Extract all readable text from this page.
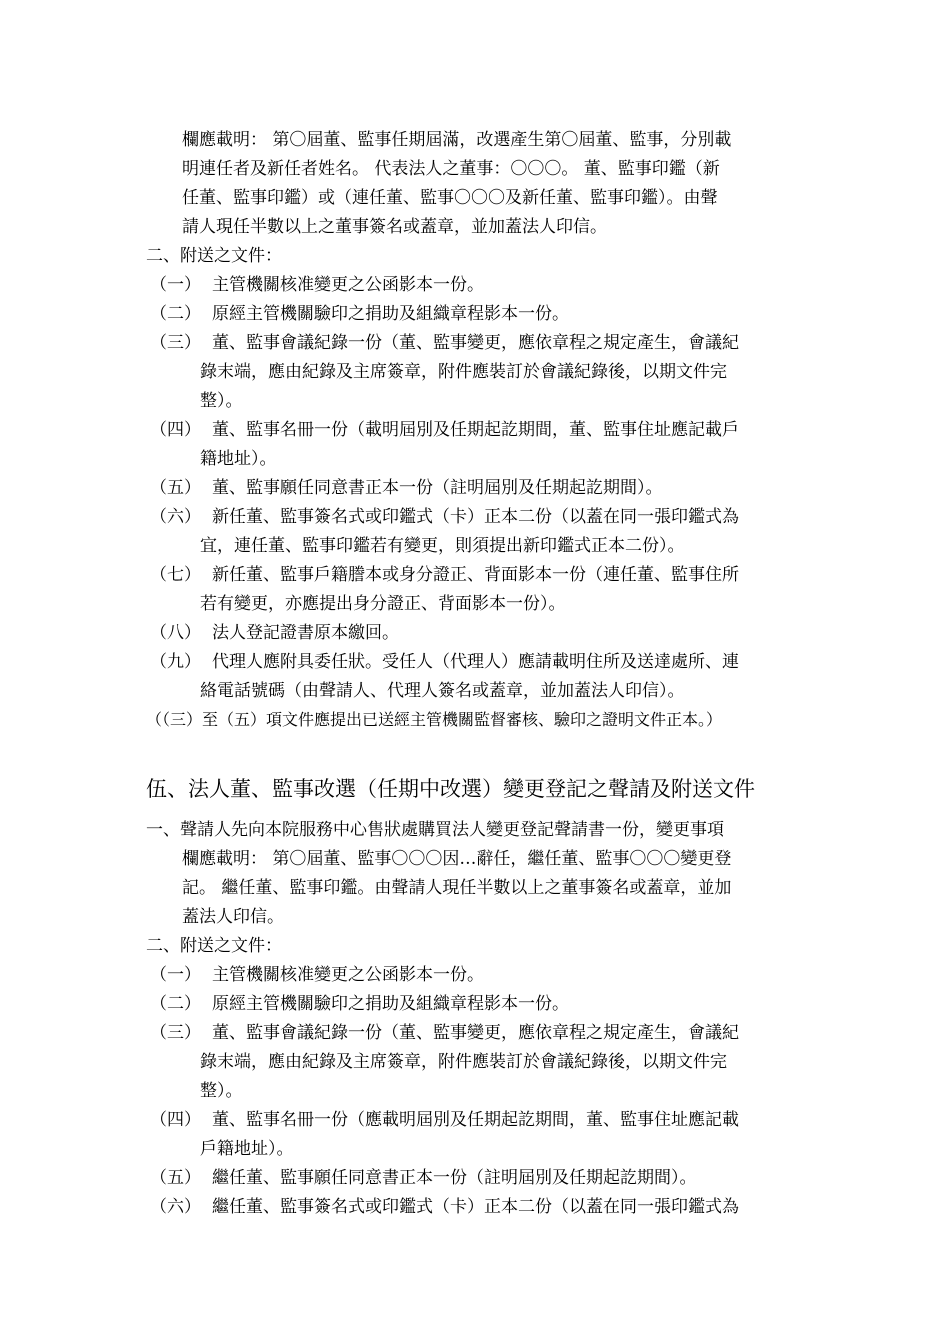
欄應載明： 第〇屆董、監事任期屆滿，改選產生第〇屆董、監事，分別載
明連任者及新任者姓名。 代表法人之董事：〇〇〇。 董、監事印鑑（新
任董、監事印鑑）或（連任董、監事〇〇〇及新任董、監事印鑑）。由聲
請人現任半數以上之董事簽名或蓋章，並加蓋法人印信。
二、附送之文件：
（一） 主管機關核准變更之公函影本一份。
（二） 原經主管機關驗印之捐助及組織章程影本一份。
（三） 董、監事會議紀錄一份（董、監事變更，應依章程之規定產生，會議紀
錄末端，應由紀錄及主席簽章，附件應裝訂於會議紀錄後，以期文件完
整）。
（四） 董、監事名冊一份（載明屆別及任期起訖期間，董、監事住址應記載戶
籍地址）。
（五） 董、監事願任同意書正本一份（註明屆別及任期起訖期間）。
（六） 新任董、監事簽名式或印鑑式（卡）正本二份（以蓋在同一張印鑑式為
宜，連任董、監事印鑑若有變更，則須提出新印鑑式正本二份）。
（七） 新任董、監事戶籍謄本或身分證正、背面影本一份（連任董、監事住所
若有變更，亦應提出身分證正、背面影本一份）。
（八） 法人登記證書原本繳回。
（九） 代理人應附具委任狀。受任人（代理人）應請載明住所及送達處所、連
絡電話號碼（由聲請人、代理人簽名或蓋章，並加蓋法人印信）。
（（三）至（五）項文件應提出已送經主管機關監督審核、驗印之證明文件正本。）
伍、法人董、監事改選（任期中改選）變更登記之聲請及附送文件
一、聲請人先向本院服務中心售狀處購買法人變更登記聲請書一份，變更事項
欄應載明： 第〇屆董、監事〇〇〇因…辭任，繼任董、監事〇〇〇變更登
記。 繼任董、監事印鑑。由聲請人現任半數以上之董事簽名或蓋章，並加
蓋法人印信。
二、附送之文件：
（一） 主管機關核准變更之公函影本一份。
（二） 原經主管機關驗印之捐助及組織章程影本一份。
（三） 董、監事會議紀錄一份（董、監事變更，應依章程之規定產生，會議紀
錄末端，應由紀錄及主席簽章，附件應裝訂於會議紀錄後，以期文件完
整）。
（四） 董、監事名冊一份（應載明屆別及任期起訖期間，董、監事住址應記載
戶籍地址）。
（五） 繼任董、監事願任同意書正本一份（註明屆別及任期起訖期間）。
（六） 繼任董、監事簽名式或印鑑式（卡）正本二份（以蓋在同一張印鑑式為
